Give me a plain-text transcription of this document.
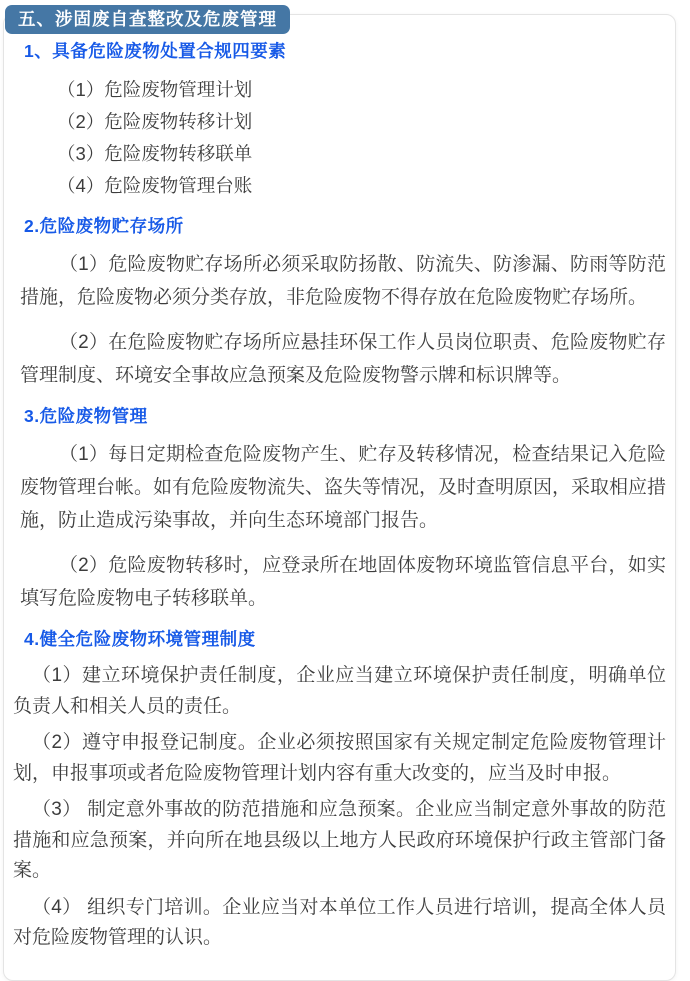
1、具备危险废物处置合规四要素
（1）危险废物管理计划
（2）危险废物转移计划
（3）危险废物转移联单
（4）危险废物管理台账
2.危险废物贮存场所

（1）危险废物贮存场所必须采取防扬散、防流失、防渗漏、防雨等防范措施，危险废物必须分类存放，非危险废物不得存放在危险废物贮存场所。

（2）在危险废物贮存场所应悬挂环保工作人员岗位职责、危险废物贮存管理制度、环境安全事故应急预案及危险废物警示牌和标识牌等。

3.危险废物管理

（1）每日定期检查危险废物产生、贮存及转移情况，检查结果记入危险废物管理台帐。如有危险废物流失、盗失等情况，及时查明原因，采取相应措施，防止造成污染事故，并向生态环境部门报告。

（2）危险废物转移时，应登录所在地固体废物环境监管信息平台，如实填写危险废物电子转移联单。

4.健全危险废物环境管理制度

（1）建立环境保护责任制度，企业应当建立环境保护责任制度，明确单位负责人和相关人员的责任。

（2）遵守申报登记制度。企业必须按照国家有关规定制定危险废物管理计划，申报事项或者危险废物管理计划内容有重大改变的，应当及时申报。

（3） 制定意外事故的防范措施和应急预案。企业应当制定意外事故的防范措施和应急预案，并向所在地县级以上地方人民政府环境保护行政主管部门备案。

（4） 组织专门培训。企业应当对本单位工作人员进行培训，提高全体人员对危险废物管理的认识。

五、涉固废自查整改及危废管理
